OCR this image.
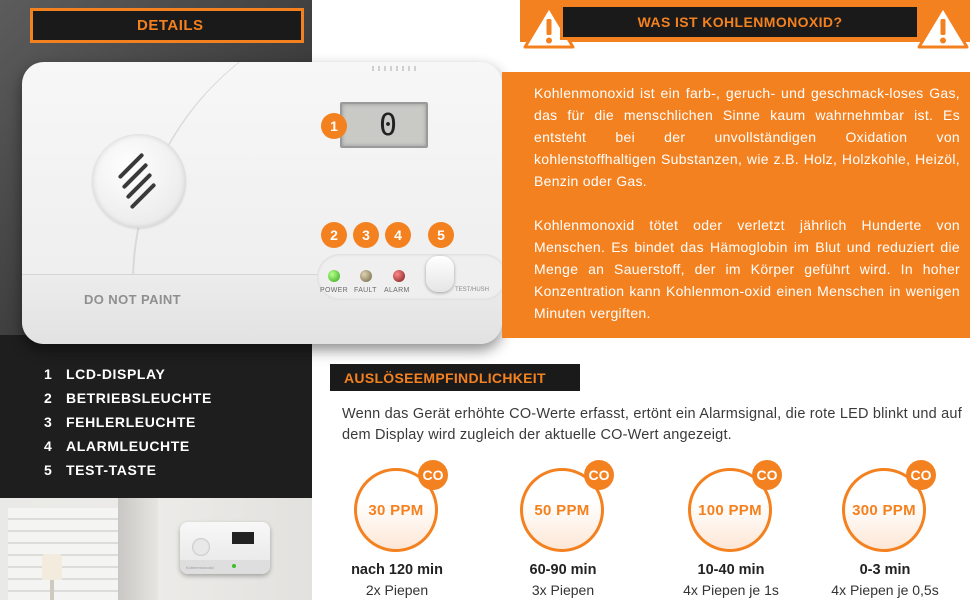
DETAILS
0
POWER FAULT ALARM	TEST/HUSH
DO NOT PAINT
1
2	3	4	5
1 LCD-DISPLAY
2 BETRIEBSLEUCHTE
3 FEHLERLEUCHTE
4 ALARMLEUCHTE
5 TEST-TASTE
Kohlenmonoxid
WAS IST KOHLENMONOXID?

Kohlenmonoxid ist ein farb-, geruch- und geschmack-loses Gas, das für die menschlichen Sinne kaum wahrnehmbar ist. Es entsteht bei der unvollständigen Oxidation von kohlenstoffhaltigen Substanzen, wie z.B. Holz, Holzkohle, Heizöl, Benzin oder Gas.

Kohlenmonoxid tötet oder verletzt jährlich Hunderte von Menschen. Es bindet das Hämoglobin im Blut und reduziert die Menge an Sauerstoff, der im Körper geführt wird. In hoher Konzentration kann Kohlenmon-oxid einen Menschen in wenigen Minuten vergiften.

AUSLÖSEEMPFINDLICHKEIT
Wenn das Gerät erhöhte CO-Werte erfasst, ertönt ein Alarmsignal, die rote LED blinkt und auf dem Display wird zugleich der aktuelle CO-Wert angezeigt.
30 PPM
CO
nach 120 min
2x Piepen
50 PPM
CO
60-90 min
3x Piepen
100 PPM
CO
10-40 min
4x Piepen je 1s
300 PPM
CO
0-3 min
4x Piepen je 0,5s
